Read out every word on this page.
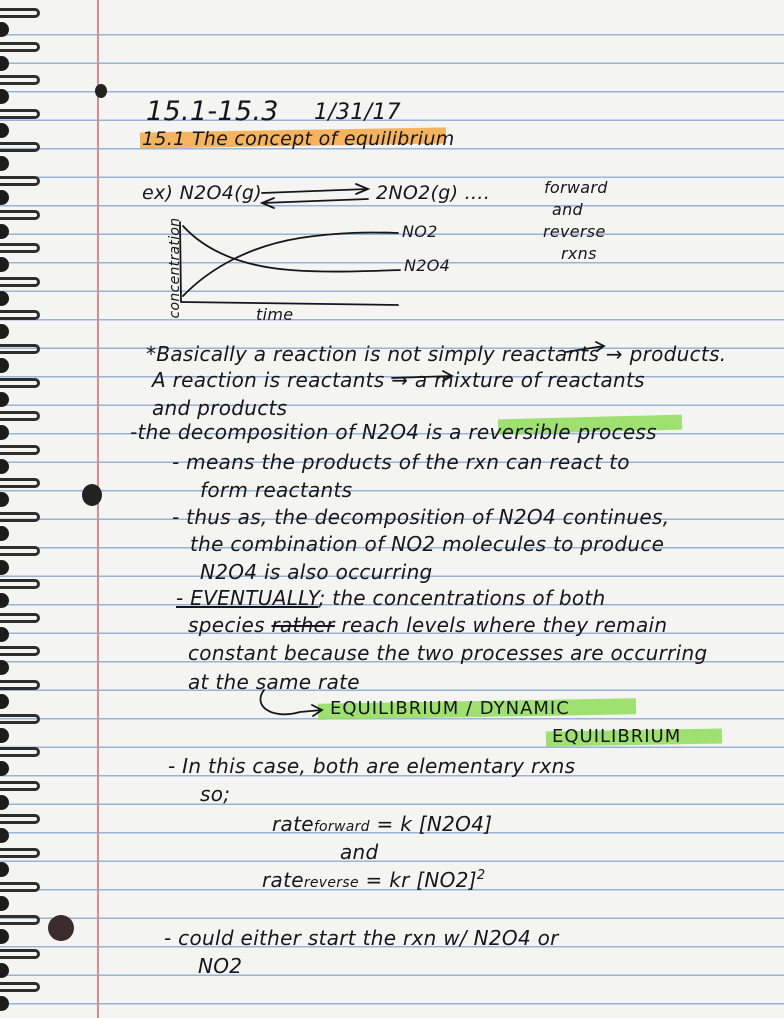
15.1-15.3 1/31/17
15.1 The concept of equilibrium
ex) N2O4(g)	2NO2(g) ....	forward
and
reverse
rxns
concentration	time
NO2
N2O4
*Basically a reaction is not simply reactants → products.
A reaction is reactants → a mixture of reactants
and products
-the decomposition of N2O4 is a reversible process
- means the products of the rxn can react to
form reactants
- thus as, the decomposition of N2O4 continues,
the combination of NO2 molecules to produce
N2O4 is also occurring
- EVENTUALLY; the concentrations of both
species rather reach levels where they remain
constant because the two processes are occurring
at the same rate
EQUILIBRIUM / DYNAMIC
EQUILIBRIUM
- In this case, both are elementary rxns
so;
rateforward = k [N2O4]
and
ratereverse = kr $[NO2]^2$
- could either start the rxn w/ N2O4 or
NO2
